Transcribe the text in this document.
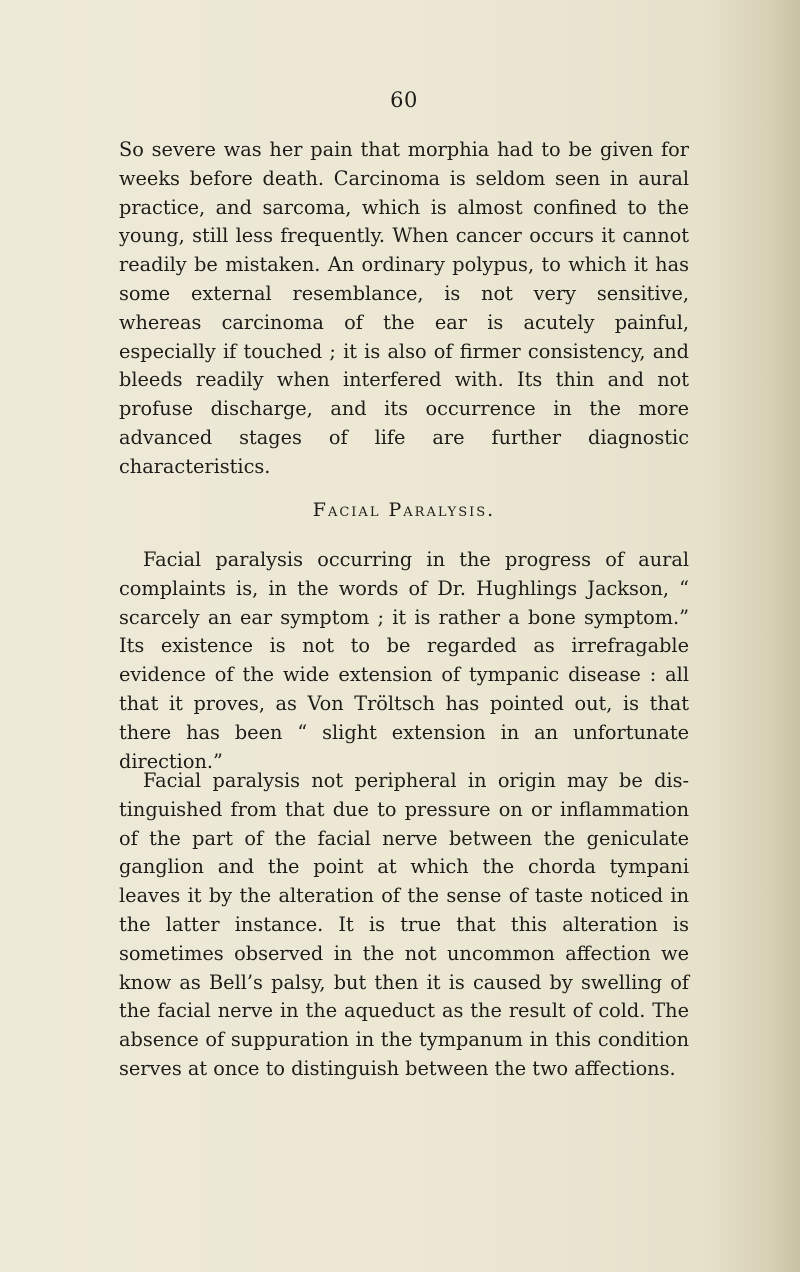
60

So severe was her pain that morphia had to be given for weeks before death. Carcinoma is seldom seen in aural practice, and sarcoma, which is almost confined to the young, still less frequently. When cancer occurs it cannot readily be mistaken. An ordinary polypus, to which it has some external resemblance, is not very sensitive, whereas carcinoma of the ear is acutely painful, especially if touched ; it is also of firmer consistency, and bleeds readily when interfered with. Its thin and not profuse discharge, and its occurrence in the more advanced stages of life are further diagnostic characteristics.

Facial Paralysis.

Facial paralysis occurring in the progress of aural complaints is, in the words of Dr. Hughlings Jackson, “ scarcely an ear symptom ; it is rather a bone symptom.” Its existence is not to be regarded as irrefragable evidence of the wide extension of tympanic disease : all that it proves, as Von Tröltsch has pointed out, is that there has been “ slight extension in an unfortunate direction.”

Facial paralysis not peripheral in origin may be distinguished from that due to pressure on or inflammation of the part of the facial nerve between the geniculate ganglion and the point at which the chorda tympani leaves it by the alteration of the sense of taste noticed in the latter instance. It is true that this alteration is sometimes observed in the not uncommon affection we know as Bell’s palsy, but then it is caused by swelling of the facial nerve in the aqueduct as the result of cold. The absence of suppuration in the tympanum in this condition serves at once to distinguish between the two affections.
